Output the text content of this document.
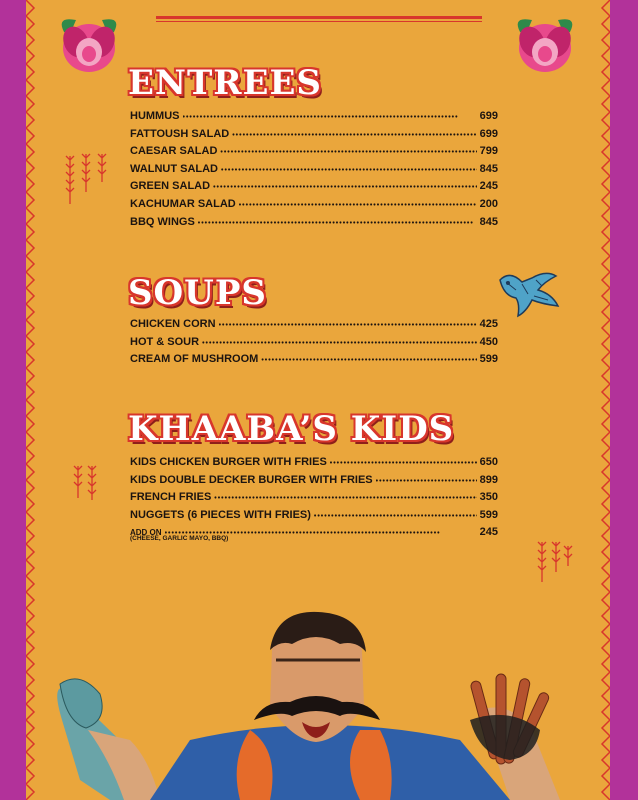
ENTREES
HUMMUS •••••	699
FATTOUSH SALAD •••••	699
CAESAR SALAD •••••	799
WALNUT SALAD •••••	845
GREEN SALAD •••••	245
KACHUMAR SALAD •••••	200
BBQ WINGS •••••	845
SOUPS
CHICKEN CORN •••••	425
HOT & SOUR •••••	450
CREAM OF MUSHROOM •••••	599
KHAABA’S KIDS
KIDS CHICKEN BURGER WITH FRIES •••••	650
KIDS DOUBLE DECKER BURGER WITH FRIES •••••	899
FRENCH FRIES •••••	350
NUGGETS (6 PIECES WITH FRIES) •••••	599
ADD ON •••••	245
(CHEESE, GARLIC MAYO, BBQ)
